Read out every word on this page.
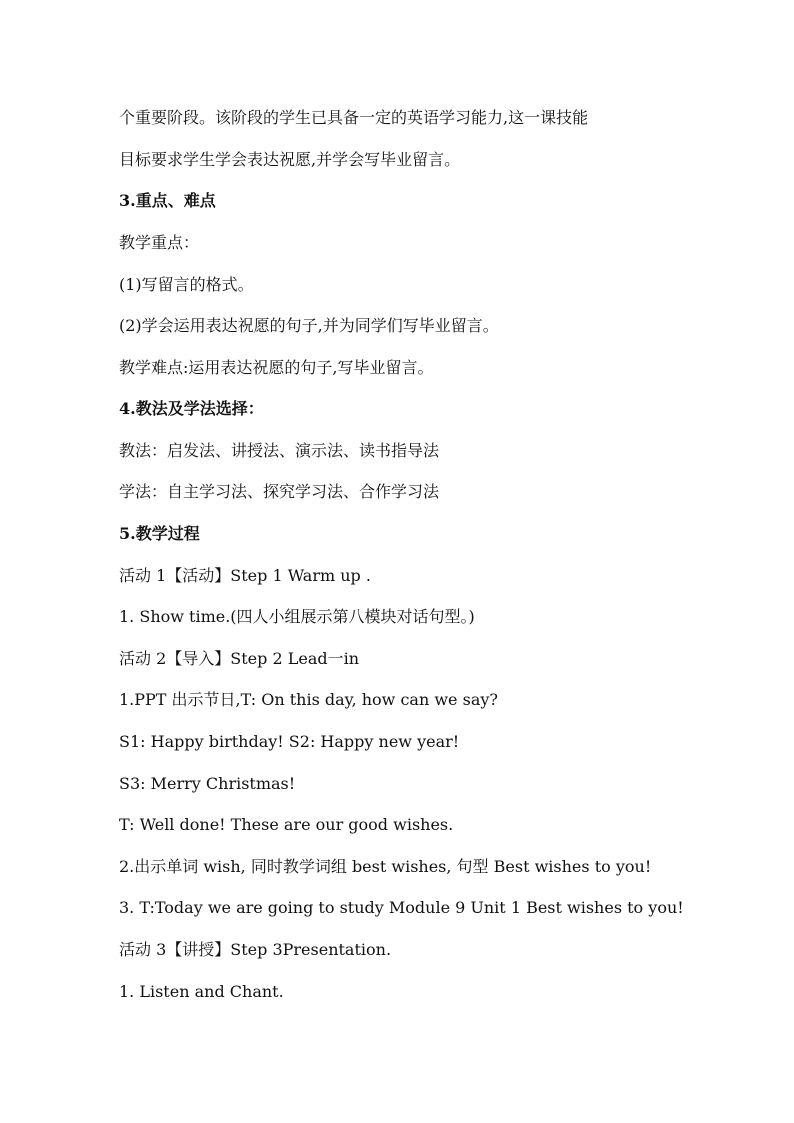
个重要阶段。该阶段的学生已具备一定的英语学习能力,这一课技能
目标要求学生学会表达祝愿,并学会写毕业留言。
3.重点、难点
教学重点：
(1)写留言的格式。
(2)学会运用表达祝愿的句子,并为同学们写毕业留言。
教学难点:运用表达祝愿的句子,写毕业留言。
4.教法及学法选择：
教法：启发法、讲授法、演示法、读书指导法
学法：自主学习法、探究学习法、合作学习法
5.教学过程
活动 1【活动】Step 1 Warm up .
1. Show time.(四人小组展示第八模块对话句型。)
活动 2【导入】Step 2 Lead一in
1.PPT 出示节日,T: On this day, how can we say?
S1: Happy birthday! S2: Happy new year!
S3: Merry Christmas!
T: Well done! These are our good wishes.
2.出示单词 wish, 同时教学词组 best wishes, 句型 Best wishes to you!
3. T:Today we are going to study Module 9 Unit 1 Best wishes to you!
活动 3【讲授】Step 3Presentation.
1. Listen and Chant.
